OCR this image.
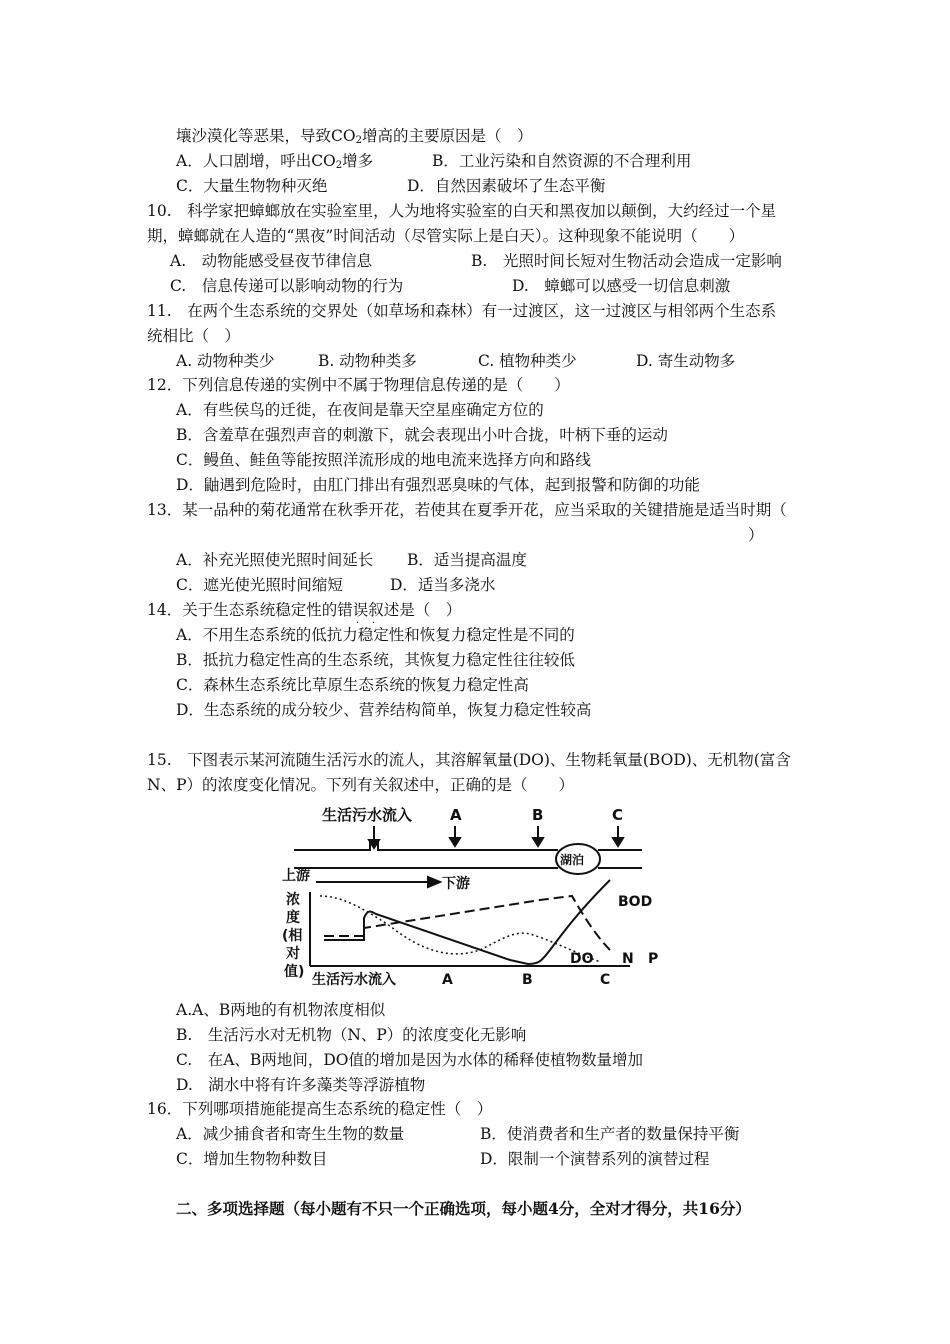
壤沙漠化等恶果，导致$CO_2$增高的主要原因是（　）
A．人口剧增，呼出$CO_2$增多	B．工业污染和自然资源的不合理利用
C．大量生物物种灭绝	D．自然因素破坏了生态平衡
10.　科学家把蟑螂放在实验室里，人为地将实验室的白天和黑夜加以颠倒，大约经过一个星
期，蟑螂就在人造的“黑夜”时间活动（尽管实际上是白天）。这种现象不能说明（　　）
A.　动物能感受昼夜节律信息	B.　光照时间长短对生物活动会造成一定影响
C.　信息传递可以影响动物的行为	D.　蟑螂可以感受一切信息刺激
11.　在两个生态系统的交界处（如草场和森林）有一过渡区，这一过渡区与相邻两个生态系
统相比（　）
A. 动物种类少	B. 动物种类多	C. 植物种类少	D. 寄生动物多
12．下列信息传递的实例中不属于物理信息传递的是（　　）
A．有些侯鸟的迁徙，在夜间是靠天空星座确定方位的
B．含羞草在强烈声音的刺激下，就会表现出小叶合拢，叶柄下垂的运动
C．鳗鱼、鲑鱼等能按照洋流形成的地电流来选择方向和路线
D．鼬遇到危险时，由肛门排出有强烈恶臭味的气体，起到报警和防御的功能
13．某一品种的菊花通常在秋季开花，若使其在夏季开花，应当采取的关键措施是适当时期（
）
A．补充光照使光照时间延长 B．适当提高温度
C．遮光使光照时间缩短	D．适当多浇水
14．关于生态系统稳定性的错误叙述是（　）
·    ·
A．不用生态系统的低抗力稳定性和恢复力稳定性是不同的
B．抵抗力稳定性高的生态系统，其恢复力稳定性往往较低
C．森林生态系统比草原生态系统的恢复力稳定性高
D．生态系统的成分较少、营养结构简单，恢复力稳定性较高
15.　下图表示某河流随生活污水的流人，其溶解氧量(DO)、生物耗氧量(BOD)、无机物(富含
N、P）的浓度变化情况。下列有关叙述中，正确的是（　　）
生活污水流入	A	B	C
湖泊
上游	下游
浓
度
(相
对
值)
BOD
DO N P
生活污水流入	A	B	C
A.A、B两地的有机物浓度相似
B.　生活污水对无机物（N、P）的浓度变化无影响
C.　在A、B两地间，DO值的增加是因为水体的稀释使植物数量增加
D.　湖水中将有许多藻类等浮游植物
16．下列哪项措施能提高生态系统的稳定性（　）
A．减少捕食者和寄生生物的数量	B．使消费者和生产者的数量保持平衡
C．增加生物物种数目	D．限制一个演替系列的演替过程
二、多项选择题（每小题有不只一个正确选项，每小题4分，全对才得分，共16分）
